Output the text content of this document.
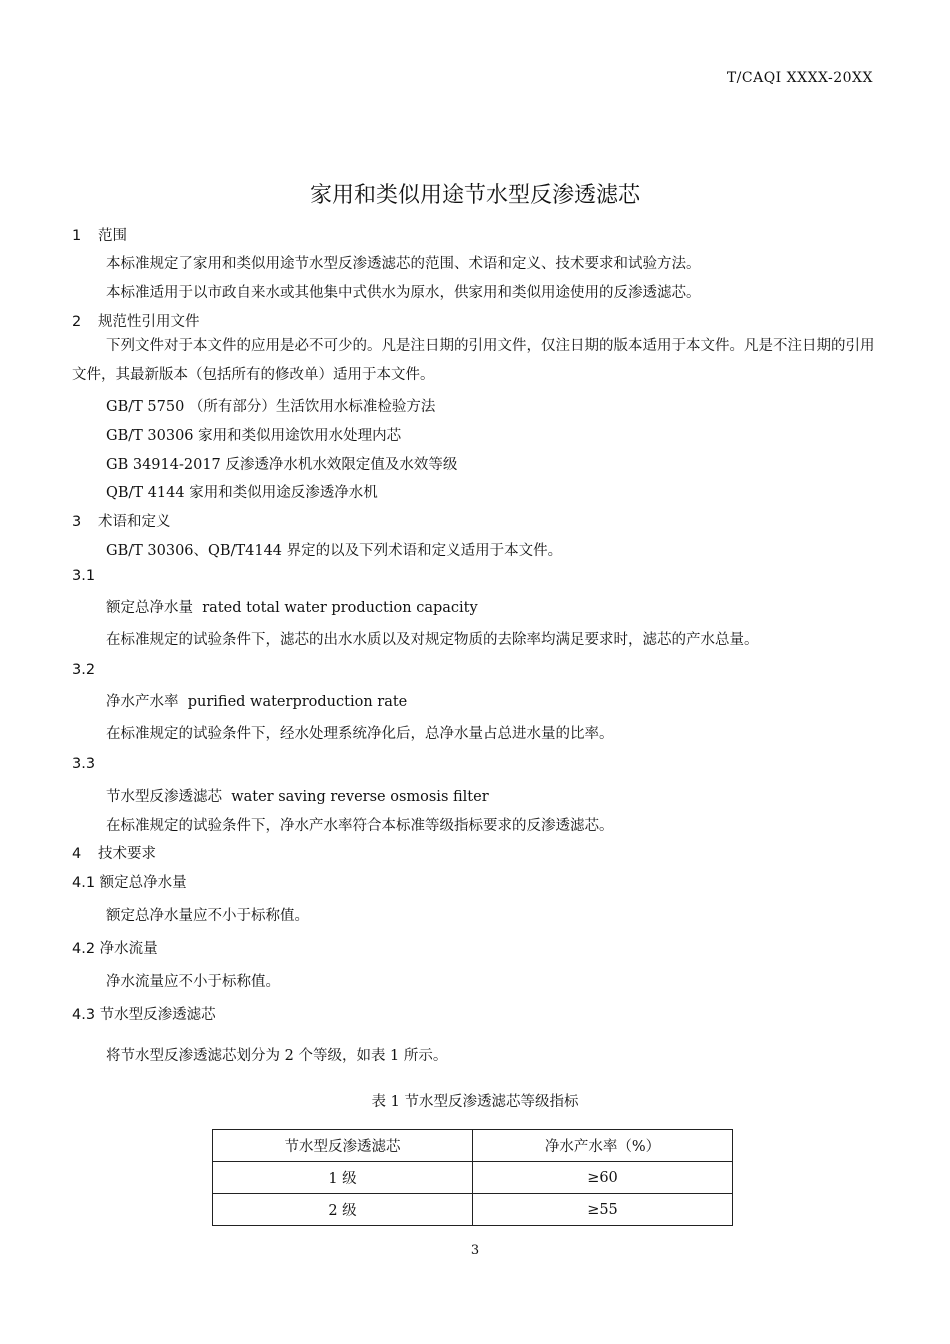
T/CAQI XXXX-20XX
家用和类似用途节水型反渗透滤芯
1 范围
本标准规定了家用和类似用途节水型反渗透滤芯的范围、术语和定义、技术要求和试验方法。
本标准适用于以市政自来水或其他集中式供水为原水，供家用和类似用途使用的反渗透滤芯。
2 规范性引用文件
下列文件对于本文件的应用是必不可少的。凡是注日期的引用文件，仅注日期的版本适用于本文件。凡是不注日期的引用文件，其最新版本（包括所有的修改单）适用于本文件。
GB/T 5750 （所有部分）生活饮用水标准检验方法
GB/T 30306 家用和类似用途饮用水处理内芯
GB 34914-2017 反渗透净水机水效限定值及水效等级
QB/T 4144 家用和类似用途反渗透净水机
3 术语和定义
GB/T 30306、QB/T4144 界定的以及下列术语和定义适用于本文件。
3.1
额定总净水量 rated total water production capacity
在标准规定的试验条件下，滤芯的出水水质以及对规定物质的去除率均满足要求时，滤芯的产水总量。
3.2
净水产水率 purified waterproduction rate
在标准规定的试验条件下，经水处理系统净化后，总净水量占总进水量的比率。
3.3
节水型反渗透滤芯 water saving reverse osmosis filter
在标准规定的试验条件下，净水产水率符合本标准等级指标要求的反渗透滤芯。
4 技术要求
4.1 额定总净水量
额定总净水量应不小于标称值。
4.2 净水流量
净水流量应不小于标称值。
4.3 节水型反渗透滤芯
将节水型反渗透滤芯划分为 2 个等级，如表 1 所示。
表 1 节水型反渗透滤芯等级指标
节水型反渗透滤芯	净水产水率（%）
1 级	≥60
2 级	≥55
3
